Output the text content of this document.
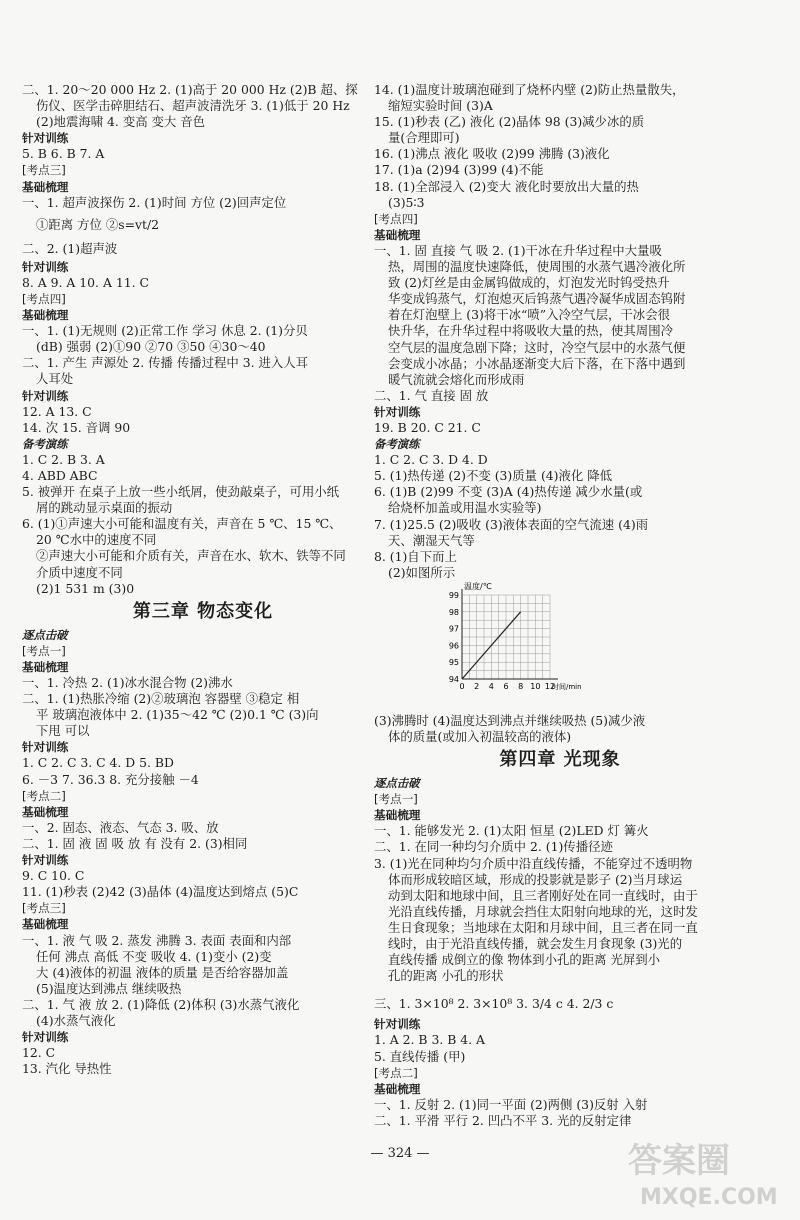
二、1. 20～20 000 Hz 2. (1)高于 20 000 Hz (2)B 超、探
伤仪、医学击碎胆结石、超声波清洗牙 3. (1)低于 20 Hz
(2)地震海啸 4. 变高 变大 音色
针对训练
5. B 6. B 7. A
[考点三]
基础梳理
一、1. 超声波探伤 2. (1)时间 方位 (2)回声定位
①距离 方位 ②s=vt/2
二、2. (1)超声波
针对训练
8. A 9. A 10. A 11. C
[考点四]
基础梳理
一、1. (1)无规则 (2)正常工作 学习 休息 2. (1)分贝
(dB) 强弱 (2)①90 ②70 ③50 ④30～40
二、1. 产生 声源处 2. 传播 传播过程中 3. 进入人耳
人耳处
针对训练
12. A 13. C
14. 次 15. 音调 90
备考演练
1. C 2. B 3. A
4. ABD ABC
5. 被弹开 在桌子上放一些小纸屑，使劲敲桌子，可用小纸
屑的跳动显示桌面的振动
6. (1)①声速大小可能和温度有关，声音在 5 ℃、15 ℃、
20 ℃水中的速度不同
②声速大小可能和介质有关，声音在水、软木、铁等不同
介质中速度不同
(2)1 531 m (3)0
第三章 物态变化
逐点击破
[考点一]
基础梳理
一、1. 冷热 2. (1)冰水混合物 (2)沸水
二、1. (1)热胀冷缩 (2)②玻璃泡 容器壁 ③稳定 相
平 玻璃泡液体中 2. (1)35～42 ℃ (2)0.1 ℃ (3)向
下甩 可以
针对训练
1. C 2. C 3. C 4. D 5. BD
6. －3 7. 36.3 8. 充分接触 －4
[考点二]
基础梳理
一、2. 固态、液态、气态 3. 吸、放
二、1. 固 液 固 吸 放 有 没有 2. (3)相同
针对训练
9. C 10. C
11. (1)秒表 (2)42 (3)晶体 (4)温度达到熔点 (5)C
[考点三]
基础梳理
一、1. 液 气 吸 2. 蒸发 沸腾 3. 表面 表面和内部
任何 沸点 高低 不变 吸收 4. (1)变小 (2)变
大 (4)液体的初温 液体的质量 是否给容器加盖
(5)温度达到沸点 继续吸热
二、1. 气 液 放 2. (1)降低 (2)体积 (3)水蒸气液化
(4)水蒸气液化
针对训练
12. C
13. 汽化 导热性
14. (1)温度计玻璃泡碰到了烧杯内壁 (2)防止热量散失，
缩短实验时间 (3)A
15. (1)秒表 (乙) 液化 (2)晶体 98 (3)减少冰的质
量(合理即可)
16. (1)沸点 液化 吸收 (2)99 沸腾 (3)液化
17. (1)a (2)94 (3)99 (4)不能
18. (1)全部浸入 (2)变大 液化时要放出大量的热
(3)5∶3
[考点四]
基础梳理
一、1. 固 直接 气 吸 2. (1)干冰在升华过程中大量吸
热，周围的温度快速降低，使周围的水蒸气遇冷液化所
致 (2)灯丝是由金属钨做成的，灯泡发光时钨受热升
华变成钨蒸气，灯泡熄灭后钨蒸气遇冷凝华成固态钨附
着在灯泡壁上 (3)将干冰“喷”入冷空气层，干冰会很
快升华，在升华过程中将吸收大量的热，使其周围冷
空气层的温度急剧下降；这时，冷空气层中的水蒸气便
会变成小冰晶；小冰晶逐渐变大后下落，在下落中遇到
暖气流就会熔化而形成雨
二、1. 气 直接 固 放
针对训练
19. B 20. C 21. C
备考演练
1. C 2. C 3. D 4. D
5. (1)热传递 (2)不变 (3)质量 (4)液化 降低
6. (1)B (2)99 不变 (3)A (4)热传递 减少水量(或
给烧杯加盖或用温水实验等)
7. (1)25.5 (2)吸收 (3)液体表面的空气流速 (4)雨
天、潮湿天气等
8. (1)自下而上
(2)如图所示
0 2 4 6 8 10 12
94
95
96
97
98
99
温度/℃
时间/min
(3)沸腾时 (4)温度达到沸点并继续吸热 (5)减少液
体的质量(或加入初温较高的液体)
第四章 光现象
逐点击破
[考点一]
基础梳理
一、1. 能够发光 2. (1)太阳 恒星 (2)LED 灯 篝火
二、1. 在同一种均匀介质中 2. (1)传播径迹
3. (1)光在同种均匀介质中沿直线传播，不能穿过不透明物
体而形成较暗区域，形成的投影就是影子 (2)当月球运
动到太阳和地球中间，且三者刚好处在同一直线时，由于
光沿直线传播，月球就会挡住太阳射向地球的光，这时发
生日食现象；当地球在太阳和月球中间，且三者在同一直
线时，由于光沿直线传播，就会发生月食现象 (3)光的
直线传播 成倒立的像 物体到小孔的距离 光屏到小
孔的距离 小孔的形状
三、1. 3×10⁸ 2. 3×10⁸ 3. 3/4 c 4. 2/3 c
针对训练
1. A 2. B 3. B 4. A
5. 直线传播 (甲)
[考点二]
基础梳理
一、1. 反射 2. (1)同一平面 (2)两侧 (3)反射 入射
二、1. 平滑 平行 2. 凹凸不平 3. 光的反射定律
— 324 —	答案圈
MXQE.COM
